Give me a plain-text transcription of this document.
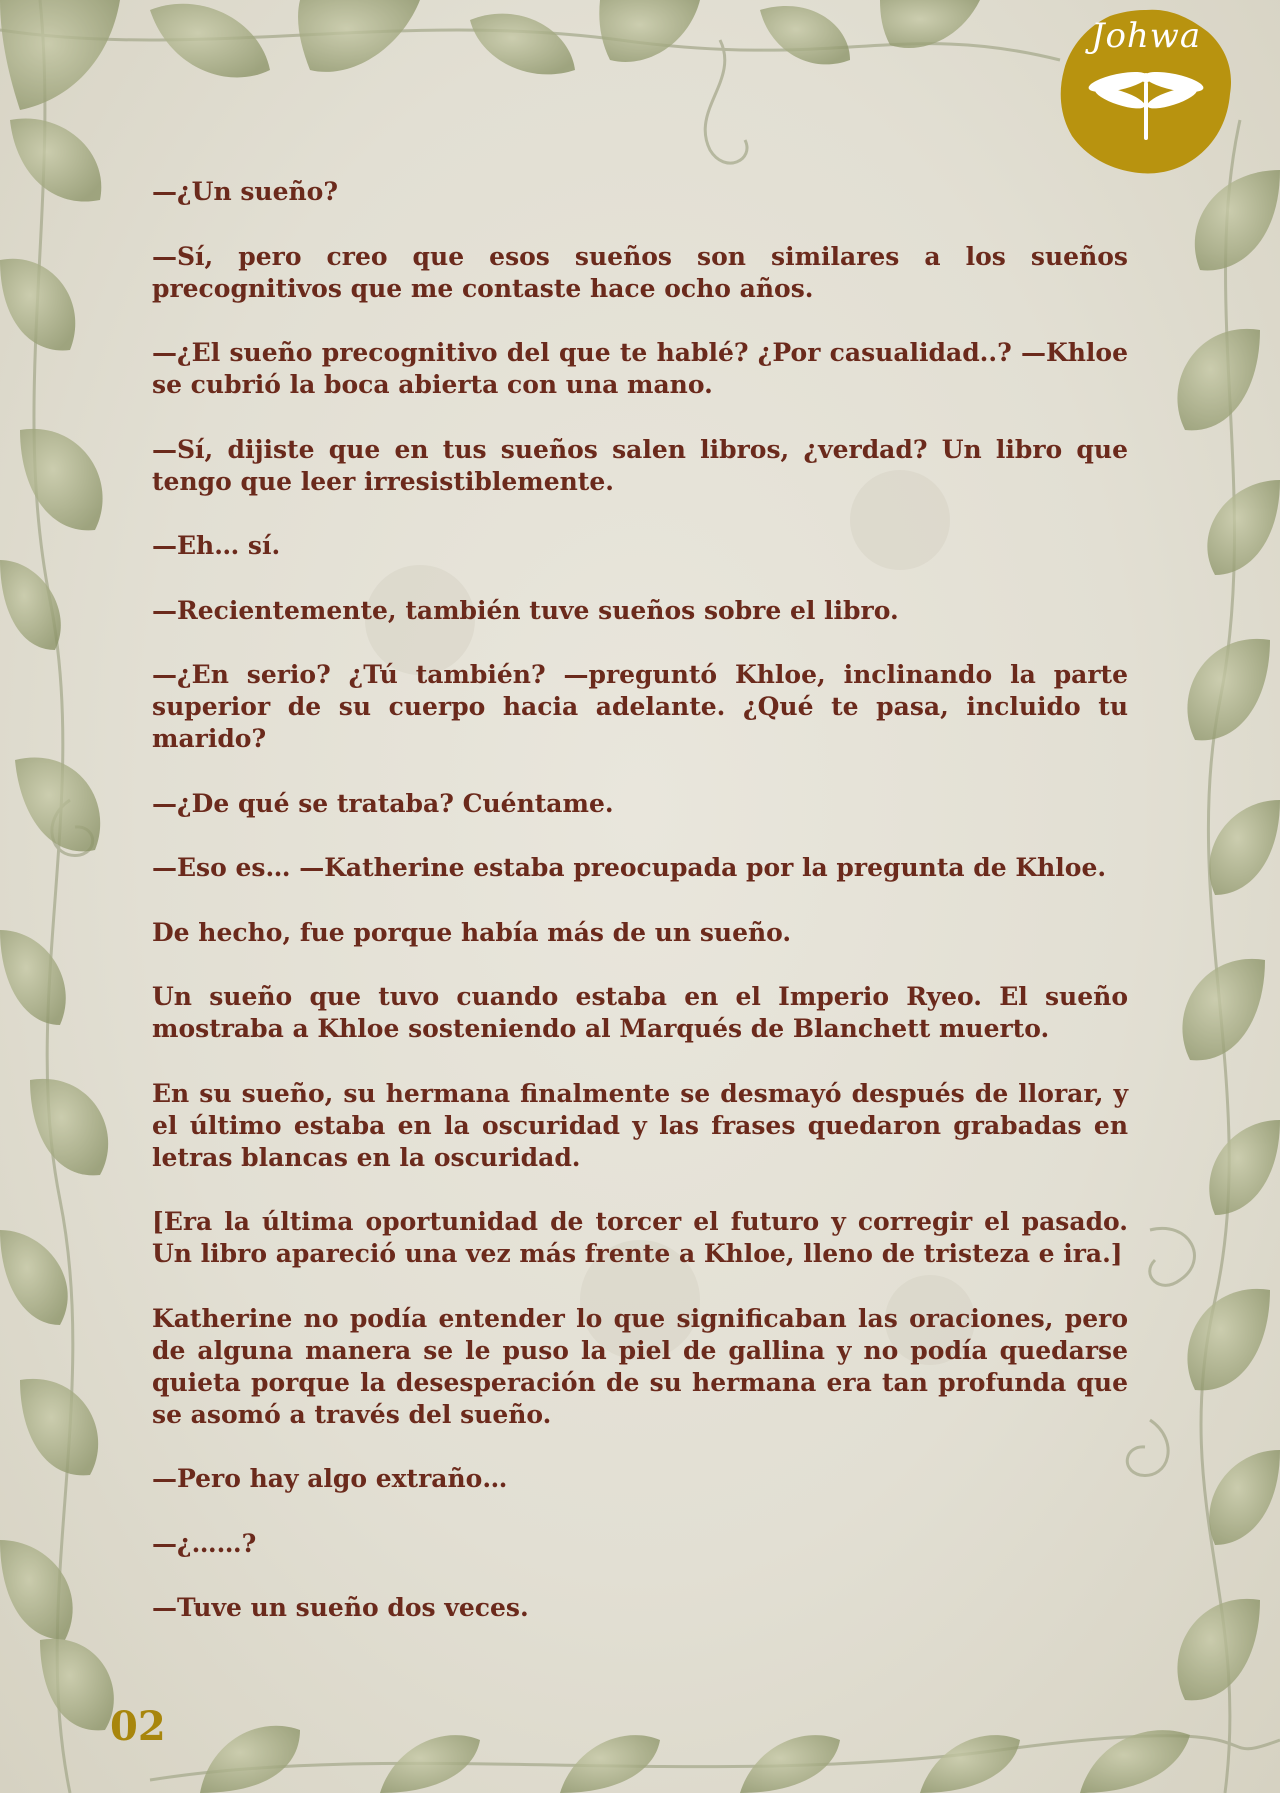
Johwa

—¿Un sueño?

—Sí, pero creo que esos sueños son similares a los sueños precognitivos que me contaste hace ocho años.

—¿El sueño precognitivo del que te hablé? ¿Por casualidad..? —Khloe se cubrió la boca abierta con una mano.

—Sí, dijiste que en tus sueños salen libros, ¿verdad? Un libro que tengo que leer irresistiblemente.

—Eh… sí.

—Recientemente, también tuve sueños sobre el libro.

—¿En serio? ¿Tú también? —preguntó Khloe, inclinando la parte superior de su cuerpo hacia adelante. ¿Qué te pasa, incluido tu marido?

—¿De qué se trataba? Cuéntame.

—Eso es… —Katherine estaba preocupada por la pregunta de Khloe.

De hecho, fue porque había más de un sueño.

Un sueño que tuvo cuando estaba en el Imperio Ryeo. El sueño mostraba a Khloe sosteniendo al Marqués de Blanchett muerto.

En su sueño, su hermana finalmente se desmayó después de llorar, y el último estaba en la oscuridad y las frases quedaron grabadas en letras blancas en la oscuridad.

[Era la última oportunidad de torcer el futuro y corregir el pasado. Un libro apareció una vez más frente a Khloe, lleno de tristeza e ira.]

Katherine no podía entender lo que significaban las oraciones, pero de alguna manera se le puso la piel de gallina y no podía quedarse quieta porque la desesperación de su hermana era tan profunda que se asomó a través del sueño.

—Pero hay algo extraño…

—¿……?

—Tuve un sueño dos veces.

02
